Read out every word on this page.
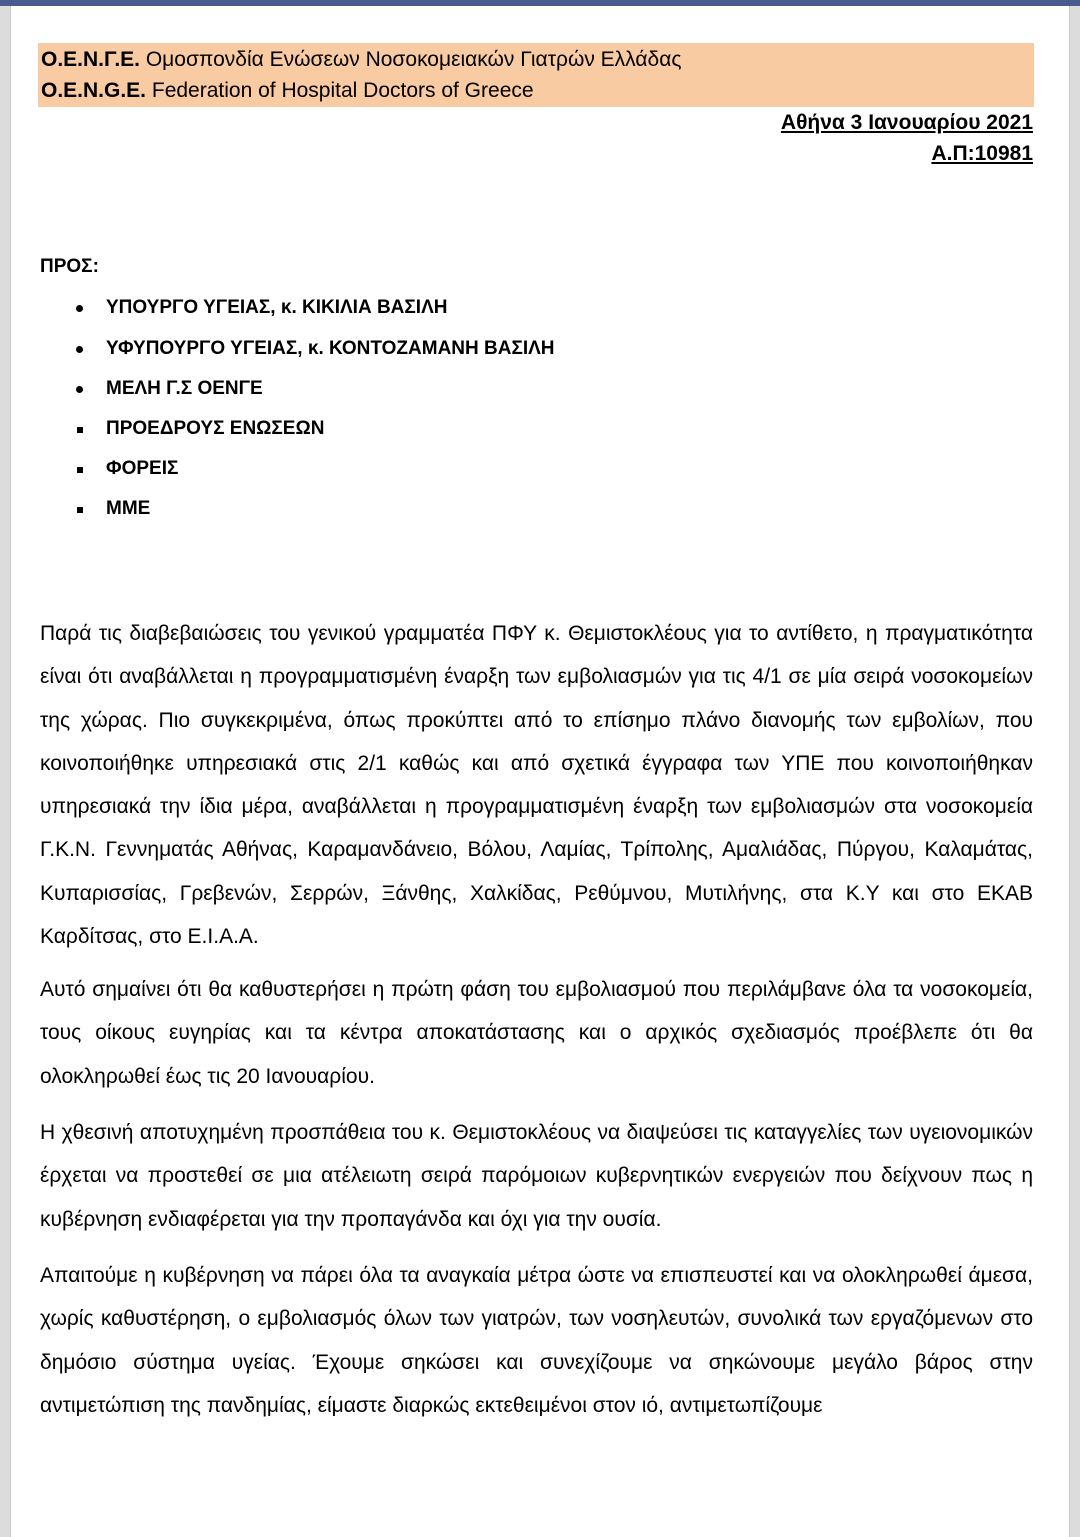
Ο.Ε.Ν.Γ.Ε. Ομοσπονδία Ενώσεων Νοσοκομειακών Γιατρών Ελλάδας
O.E.N.G.E. Federation of Hospital Doctors of Greece
Αθήνα 3 Ιανουαρίου 2021
Α.Π:10981
ΠΡΟΣ:
ΥΠΟΥΡΓΟ ΥΓΕΙΑΣ, κ. ΚΙΚΙΛΙΑ ΒΑΣΙΛΗ
ΥΦΥΠΟΥΡΓΟ ΥΓΕΙΑΣ, κ. ΚΟΝΤΟΖΑΜΑΝΗ ΒΑΣΙΛΗ
ΜΕΛΗ Γ.Σ ΟΕΝΓΕ
ΠΡΟΕΔΡΟΥΣ ΕΝΩΣΕΩΝ
ΦΟΡΕΙΣ
ΜΜΕ
Παρά τις διαβεβαιώσεις του γενικού γραμματέα ΠΦΥ κ. Θεμιστοκλέους για το αντίθετο, η πραγματικότητα είναι ότι αναβάλλεται η προγραμματισμένη έναρξη των εμβολιασμών για τις 4/1 σε μία σειρά νοσοκομείων της χώρας. Πιο συγκεκριμένα, όπως προκύπτει από το επίσημο πλάνο διανομής των εμβολίων, που κοινοποιήθηκε υπηρεσιακά στις 2/1 καθώς και από σχετικά έγγραφα των ΥΠΕ που κοινοποιήθηκαν υπηρεσιακά την ίδια μέρα, αναβάλλεται η προγραμματισμένη έναρξη των εμβολιασμών στα νοσοκομεία Γ.Κ.Ν. Γεννηματάς Αθήνας, Καραμανδάνειο, Βόλου, Λαμίας, Τρίπολης, Αμαλιάδας, Πύργου, Καλαμάτας, Κυπαρισσίας, Γρεβενών, Σερρών, Ξάνθης, Χαλκίδας, Ρεθύμνου, Μυτιλήνης, στα Κ.Υ και στο ΕΚΑΒ Καρδίτσας, στο Ε.Ι.Α.Α.
Αυτό σημαίνει ότι θα καθυστερήσει η πρώτη φάση του εμβολιασμού που περιλάμβανε όλα τα νοσοκομεία, τους οίκους ευγηρίας και τα κέντρα αποκατάστασης και ο αρχικός σχεδιασμός προέβλεπε ότι θα ολοκληρωθεί έως τις 20 Ιανουαρίου.
Η χθεσινή αποτυχημένη προσπάθεια του κ. Θεμιστοκλέους να διαψεύσει τις καταγγελίες των υγειονομικών έρχεται να προστεθεί σε μια ατέλειωτη σειρά παρόμοιων κυβερνητικών ενεργειών που δείχνουν πως η κυβέρνηση ενδιαφέρεται για την προπαγάνδα και όχι για την ουσία.
Απαιτούμε η κυβέρνηση να πάρει όλα τα αναγκαία μέτρα ώστε να επισπευστεί και να ολοκληρωθεί άμεσα, χωρίς καθυστέρηση, ο εμβολιασμός όλων των γιατρών, των νοσηλευτών, συνολικά των εργαζόμενων στο δημόσιο σύστημα υγείας. Έχουμε σηκώσει και συνεχίζουμε να σηκώνουμε μεγάλο βάρος στην αντιμετώπιση της πανδημίας, είμαστε διαρκώς εκτεθειμένοι στον ιό, αντιμετωπίζουμε
